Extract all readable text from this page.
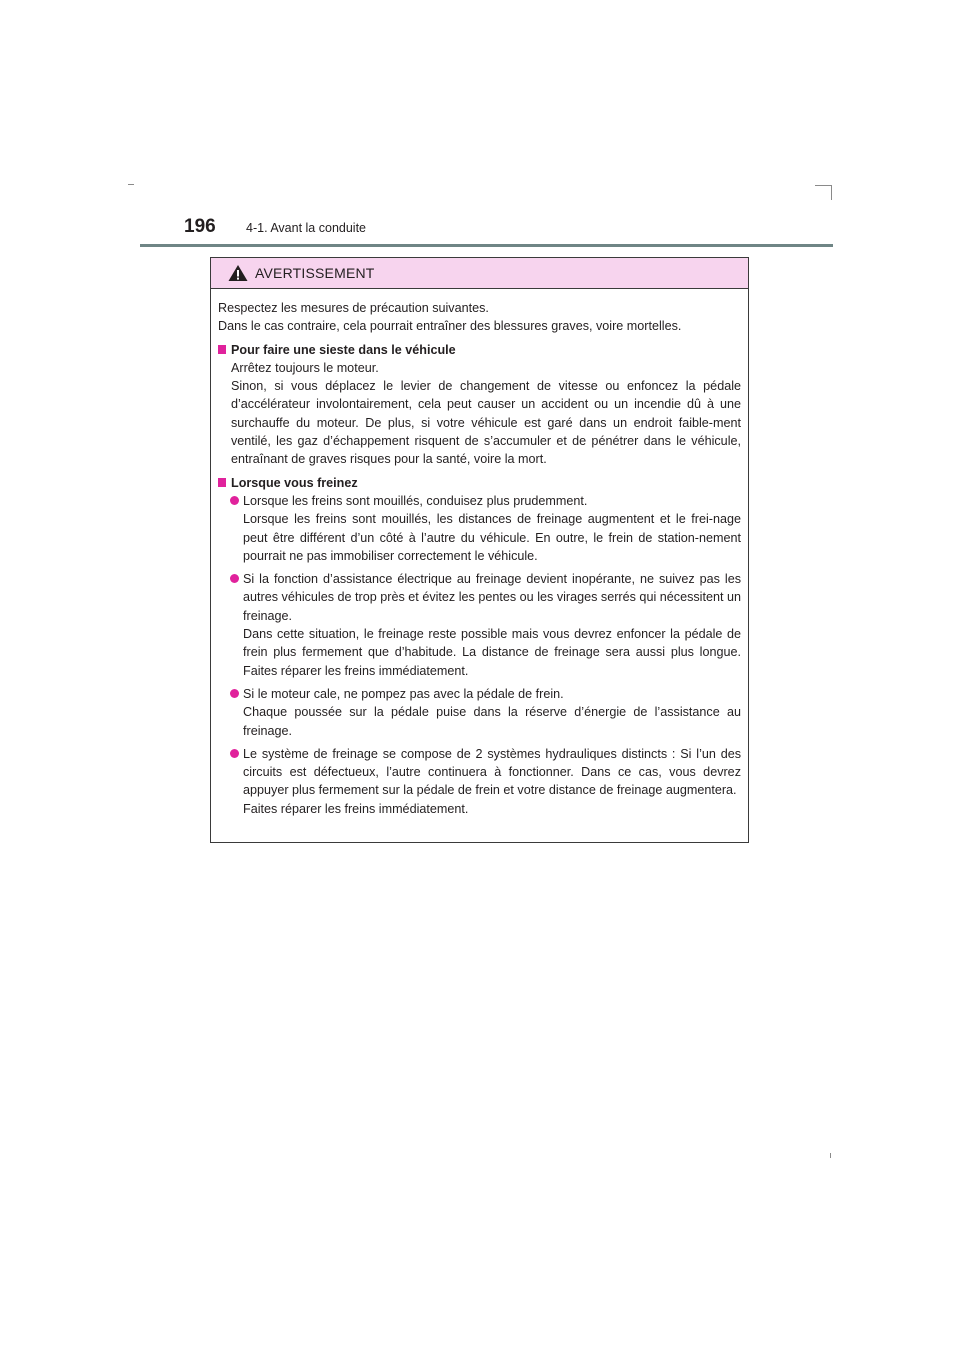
196 4-1. Avant la conduite
AVERTISSEMENT

Respectez les mesures de précaution suivantes.

Dans le cas contraire, cela pourrait entraîner des blessures graves, voire mortelles.

Pour faire une sieste dans le véhicule

Arrêtez toujours le moteur.

Sinon, si vous déplacez le levier de changement de vitesse ou enfoncez la pédale d’accélérateur involontairement, cela peut causer un accident ou un incendie dû à une surchauffe du moteur. De plus, si votre véhicule est garé dans un endroit faible-ment ventilé, les gaz d’échappement risquent de s’accumuler et de pénétrer dans le véhicule, entraînant de graves risques pour la santé, voire la mort.

Lorsque vous freinez

Lorsque les freins sont mouillés, conduisez plus prudemment.

Lorsque les freins sont mouillés, les distances de freinage augmentent et le frei-nage peut être différent d’un côté à l’autre du véhicule. En outre, le frein de station-nement pourrait ne pas immobiliser correctement le véhicule.

Si la fonction d’assistance électrique au freinage devient inopérante, ne suivez pas les autres véhicules de trop près et évitez les pentes ou les virages serrés qui nécessitent un freinage.

Dans cette situation, le freinage reste possible mais vous devrez enfoncer la pédale de frein plus fermement que d’habitude. La distance de freinage sera aussi plus longue. Faites réparer les freins immédiatement.

Si le moteur cale, ne pompez pas avec la pédale de frein.

Chaque poussée sur la pédale puise dans la réserve d’énergie de l’assistance au freinage.

Le système de freinage se compose de 2 systèmes hydrauliques distincts : Si l’un des circuits est défectueux, l’autre continuera à fonctionner. Dans ce cas, vous devrez appuyer plus fermement sur la pédale de frein et votre distance de freinage augmentera.

Faites réparer les freins immédiatement.
